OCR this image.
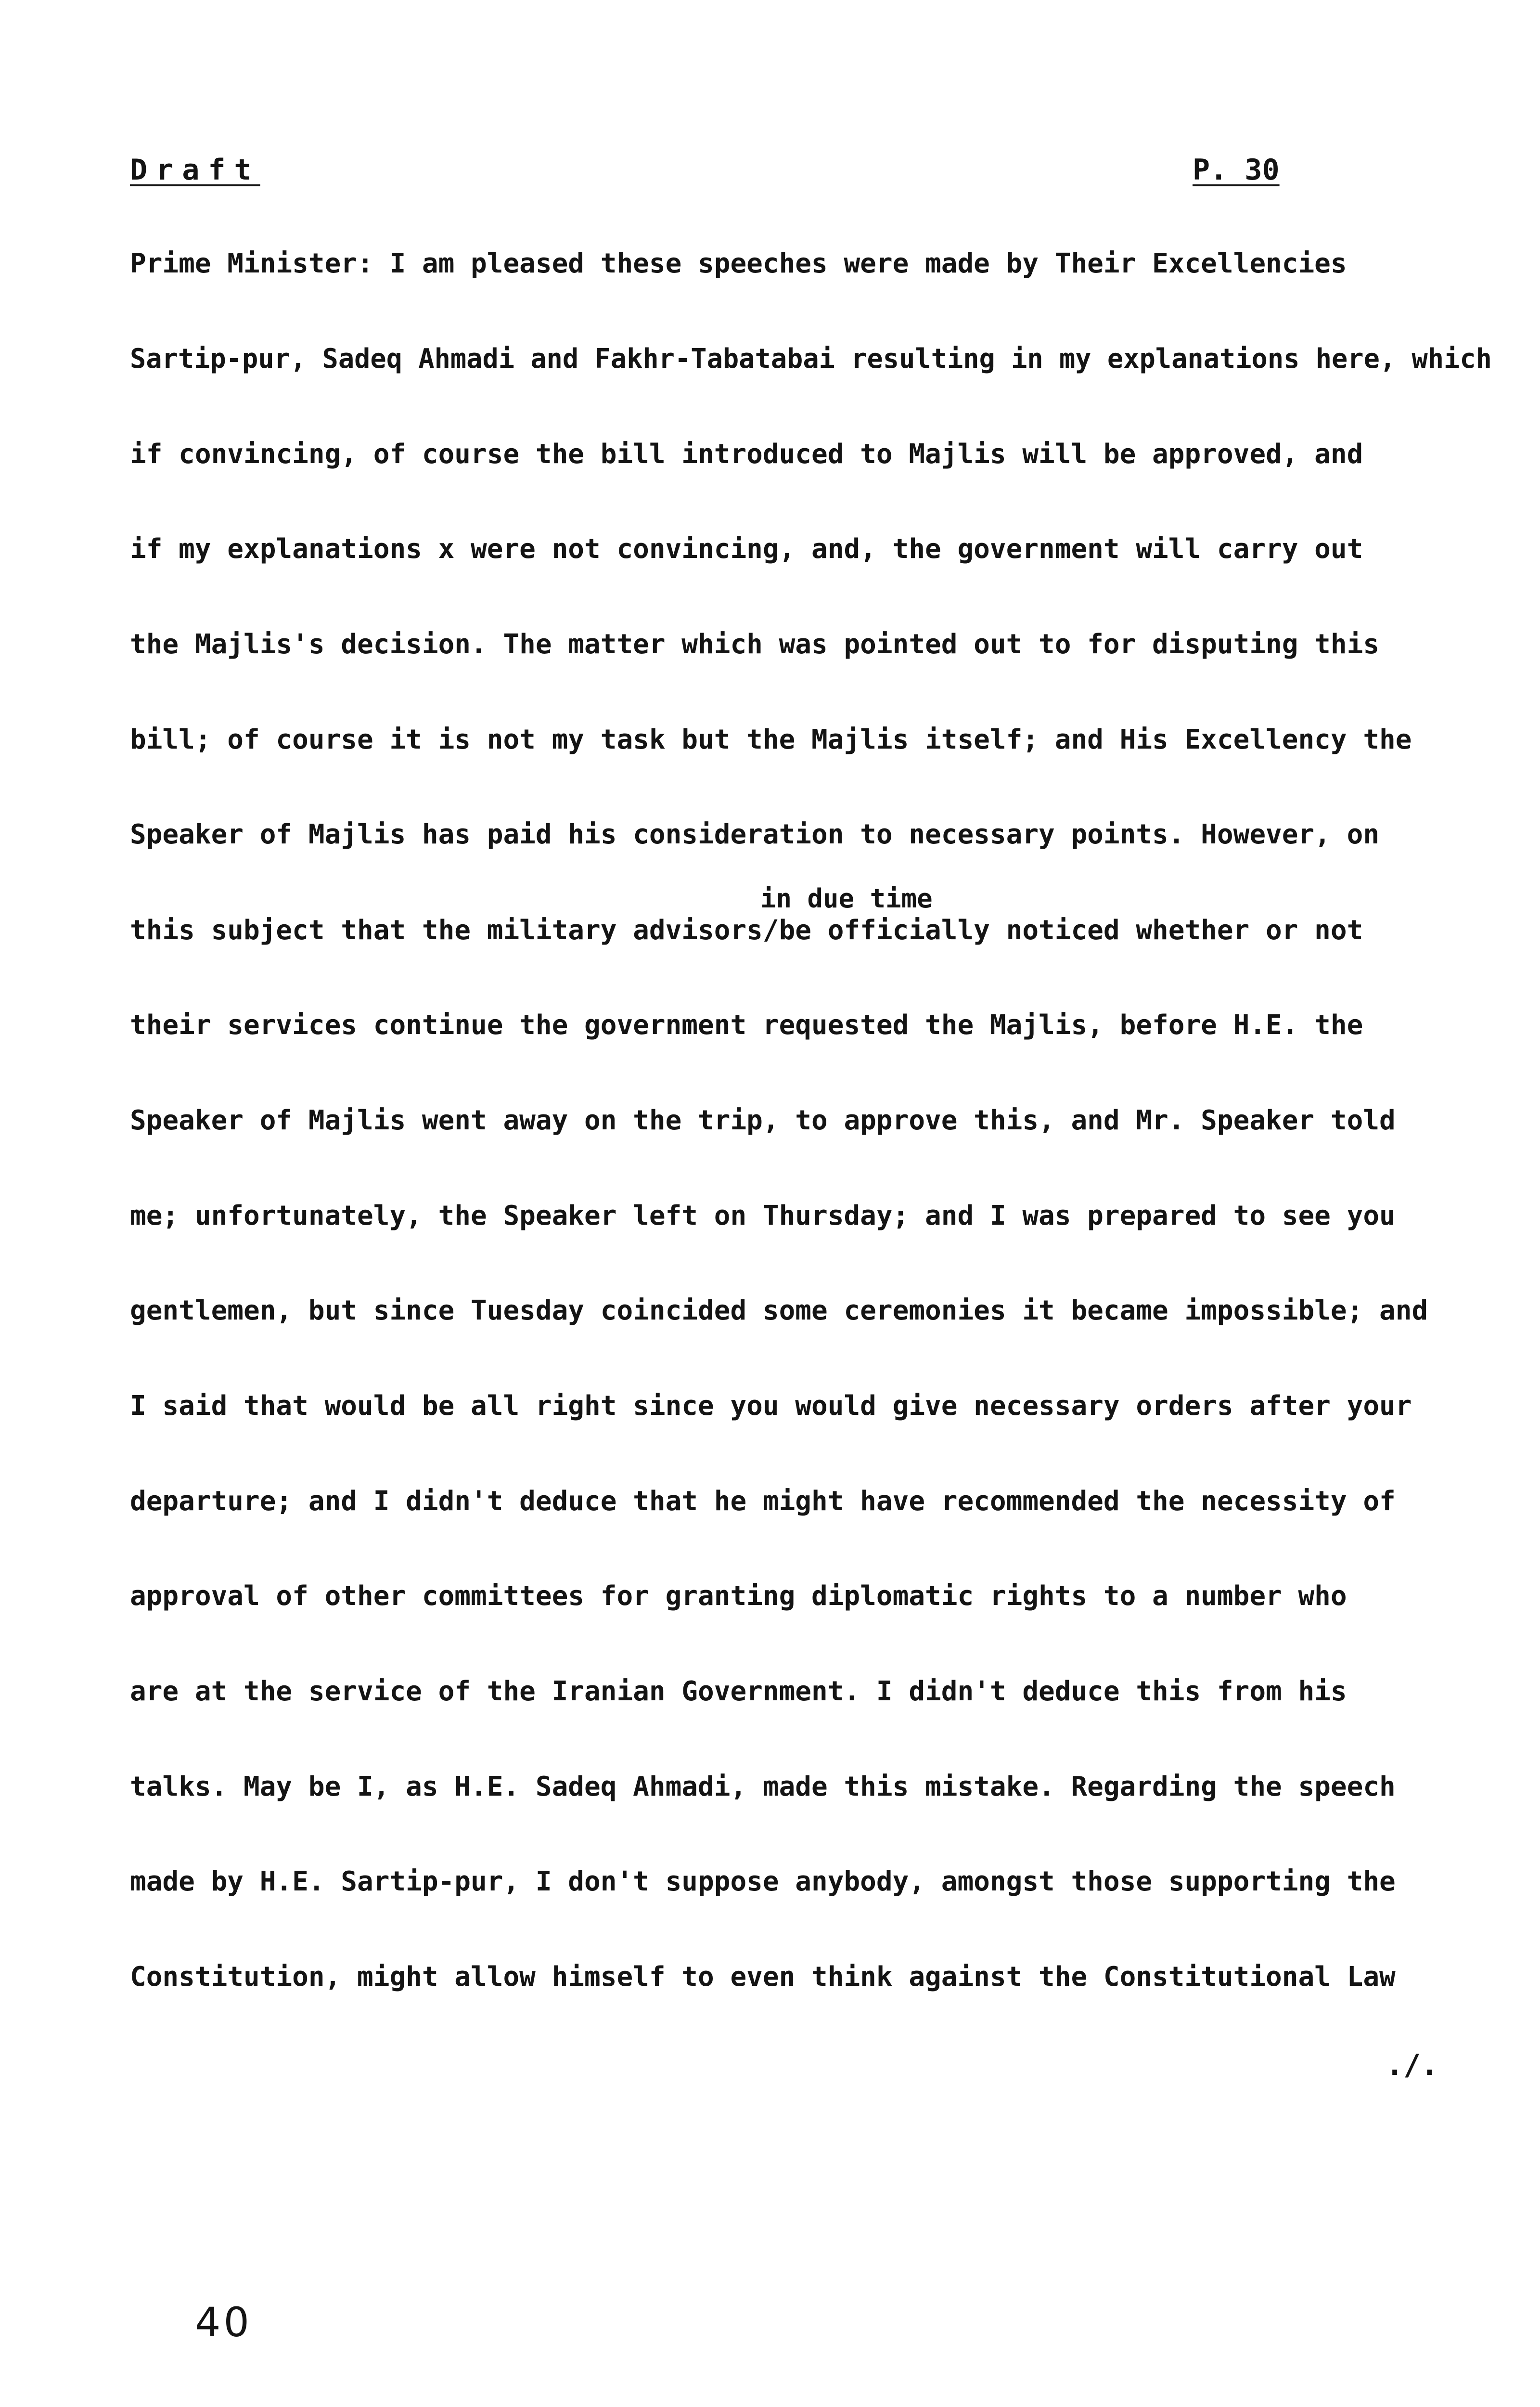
Draft	P. 30
Prime Minister: I am pleased these speeches were made by Their Excellencies
Sartip-pur, Sadeq Ahmadi and Fakhr-Tabatabai resulting in my explanations here, which
if convincing, of course the bill introduced to Majlis will be approved, and
if my explanations x were not convincing, and, the government will carry out
the Majlis's decision. The matter which was pointed out to for disputing this
bill; of course it is not my task but the Majlis itself; and His Excellency the
Speaker of Majlis has paid his consideration to necessary points. However, on
in due time
this subject that the military advisors/be officially noticed whether or not
their services continue the government requested the Majlis, before H.E. the
Speaker of Majlis went away on the trip, to approve this, and Mr. Speaker told
me; unfortunately, the Speaker left on Thursday; and I was prepared to see you
gentlemen, but since Tuesday coincided some ceremonies it became impossible; and
I said that would be all right since you would give necessary orders after your
departure; and I didn't deduce that he might have recommended the necessity of
approval of other committees for granting diplomatic rights to a number who
are at the service of the Iranian Government. I didn't deduce this from his
talks. May be I, as H.E. Sadeq Ahmadi, made this mistake. Regarding the speech
made by H.E. Sartip-pur, I don't suppose anybody, amongst those supporting the
Constitution, might allow himself to even think against the Constitutional Law
./.
40
